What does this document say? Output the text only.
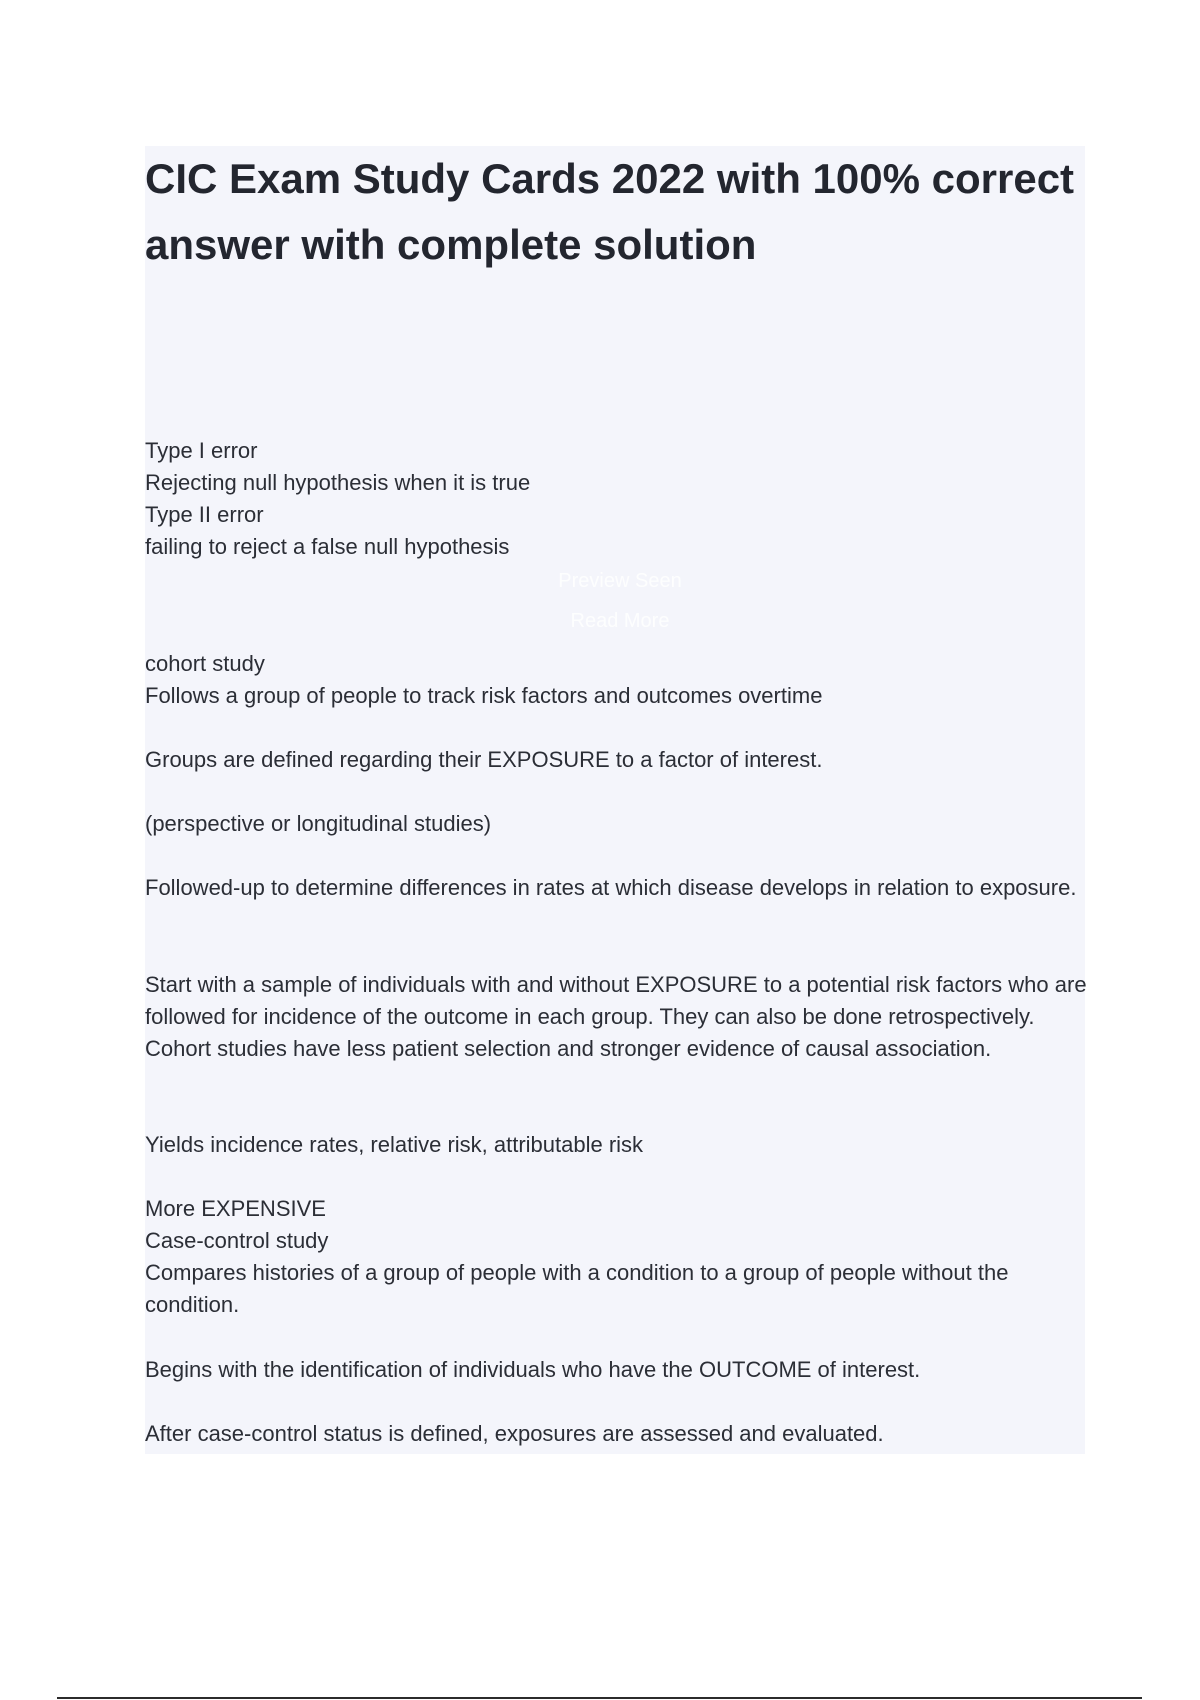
CIC Exam Study Cards 2022 with 100% correct answer with complete solution
Type I error
Rejecting null hypothesis when it is true
Type II error
failing to reject a false null hypothesis
Preview Seen
Read More
cohort study
Follows a group of people to track risk factors and outcomes overtime

Groups are defined regarding their EXPOSURE to a factor of interest.

(perspective or longitudinal studies)

Followed-up to determine differences in rates at which disease develops in relation to exposure.

Start with a sample of individuals with and without EXPOSURE to a potential risk factors who are followed for incidence of the outcome in each group. They can also be done retrospectively. Cohort studies have less patient selection and stronger evidence of causal association.

Yields incidence rates, relative risk, attributable risk

More EXPENSIVE
Case-control study
Compares histories of a group of people with a condition to a group of people without the condition.

Begins with the identification of individuals who have the OUTCOME of interest.

After case-control status is defined, exposures are assessed and evaluated.
